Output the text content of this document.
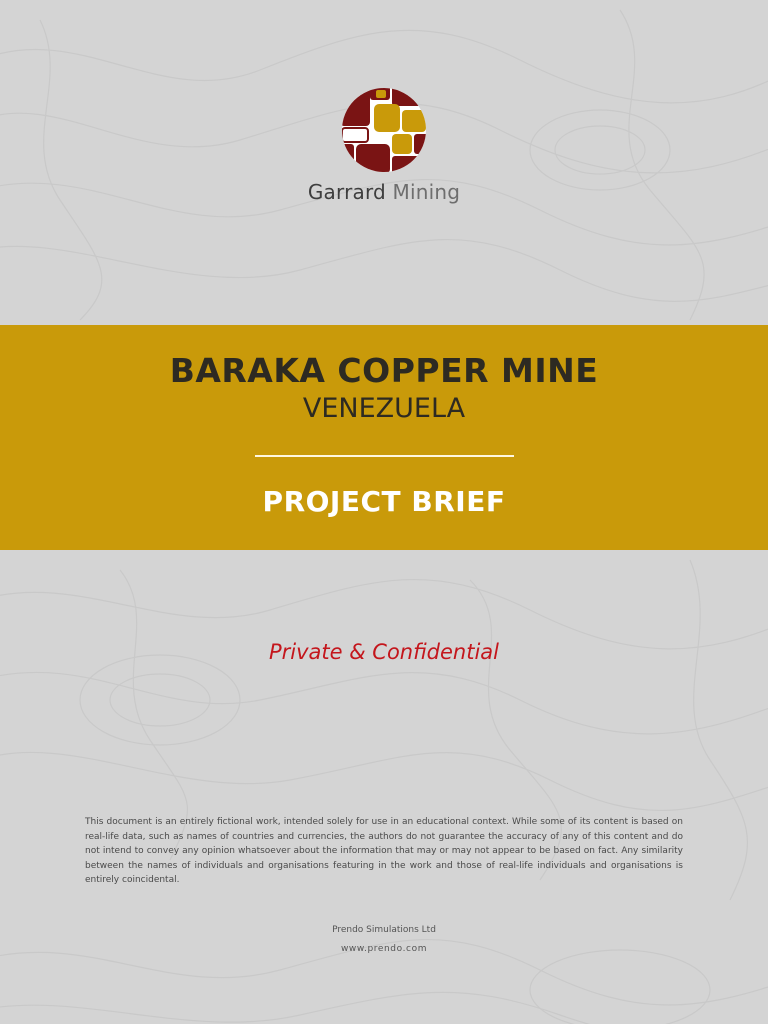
Garrard Mining
BARAKA COPPER MINE
VENEZUELA
PROJECT BRIEF
Private & Confidential
This document is an entirely fictional work, intended solely for use in an educational context. While some of its content is based on real-life data, such as names of countries and currencies, the authors do not guarantee the accuracy of any of this content and do not intend to convey any opinion whatsoever about the information that may or may not appear to be based on fact. Any similarity between the names of individuals and organisations featuring in the work and those of real-life individuals and organisations is entirely coincidental.
Prendo Simulations Ltd
www.prendo.com
